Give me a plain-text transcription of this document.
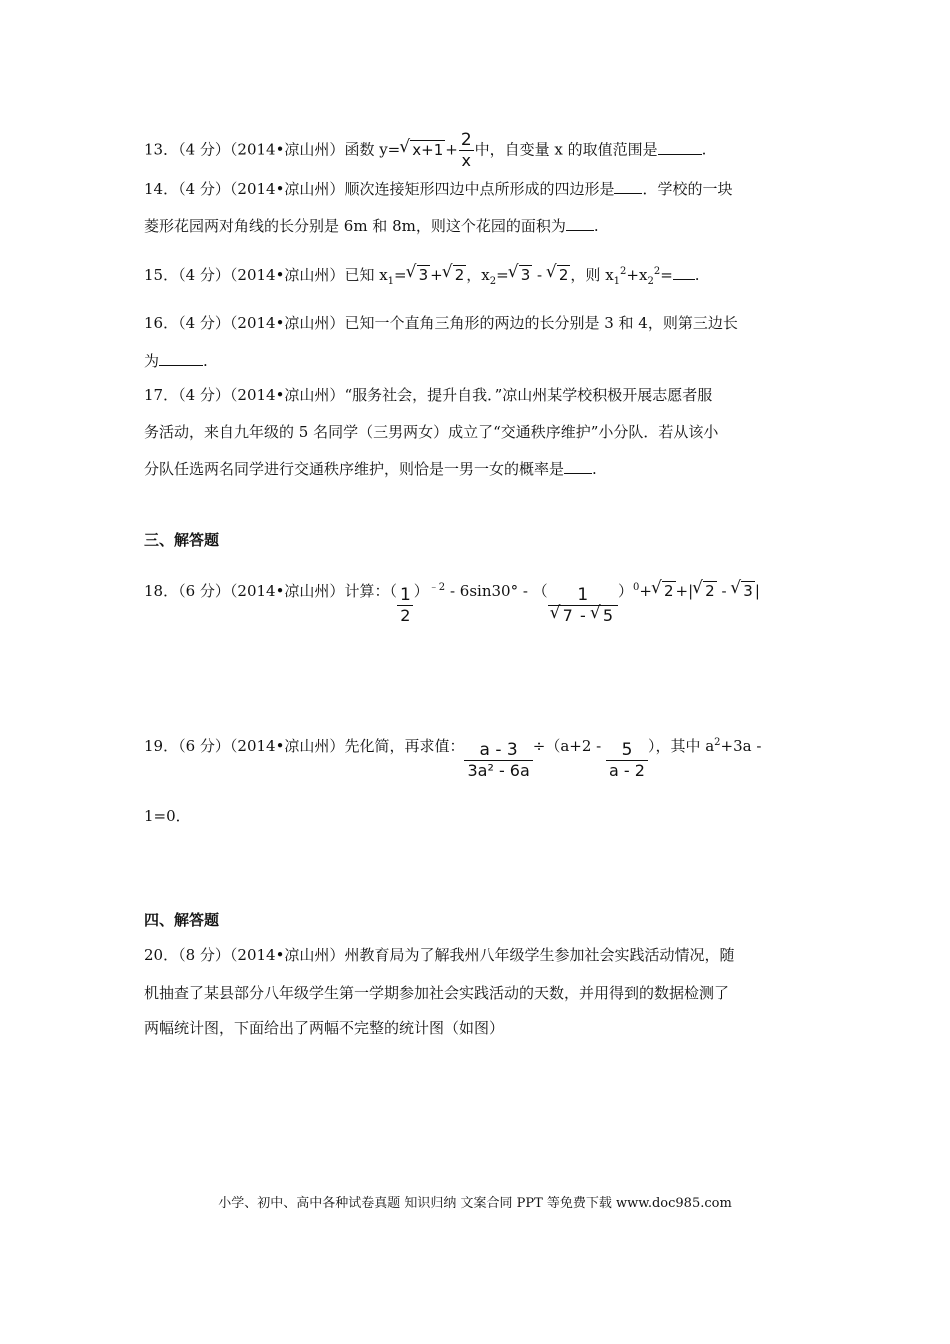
13．（4 分）（2014•凉山州）函数 y=√ $x+1 + \frac{2}{x}$ 中，自变量 x 的取值范围是	.
14．（4 分）（2014•凉山州）顺次连接矩形四边中点所形成的四边形是 ．学校的一块
菱形花园两对角线的长分别是 6m 和 8m，则这个花园的面积为 .
15．（4 分）（2014•凉山州）已知 $x_1=√$ 3 +√ 2 ，$x_2=√$ 3 - √ 2 ，则 $x_1^2+x_2^2=$ .
16．（4 分）（2014•凉山州）已知一个直角三角形的两边的长分别是 3 和 4，则第三边长
为	.
17．（4 分）（2014•凉山州）“服务社会，提升自我．”凉山州某学校积极开展志愿者服
务活动，来自九年级的 5 名同学（三男两女）成立了“交通秩序维护”小分队．若从该小
分队任选两名同学进行交通秩序维护，则恰是一男一女的概率是 .
三、解答题
18．（6 分）（2014•凉山州）计算：（ $\frac{1}{2} )^{﹣2} - 6\sin 30^\circ$ - （ 1
√ 7 - √ 5 ）$^0$+√ 2 +|√ 2 - √ 3 |
19．（6 分）（2014•凉山州）先化简，再求值： $\frac{a - 3}{\text{3a² - 6a}} \div(a+2 - \frac{5}{a - 2}$ ），其中 $a^2+3a$ -
1=0．
四、解答题
20．（8 分）（2014•凉山州）州教育局为了解我州八年级学生参加社会实践活动情况，随
机抽查了某县部分八年级学生第一学期参加社会实践活动的天数，并用得到的数据检测了
两幅统计图，下面给出了两幅不完整的统计图（如图）
小学、初中、高中各种试卷真题 知识归纳 文案合同 PPT 等免费下载 www.doc985.com
